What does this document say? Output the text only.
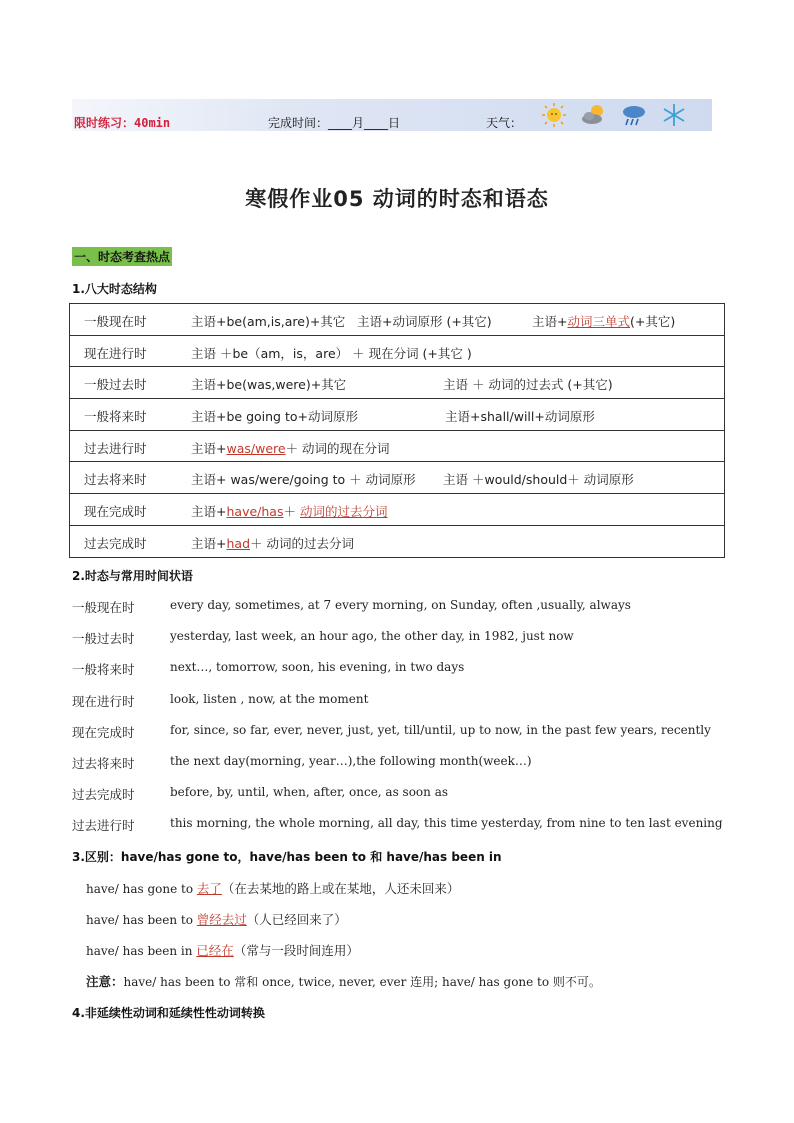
限时练习：40min	完成时间：____月____日	天气：
寒假作业05 动词的时态和语态
一、时态考查热点
1.八大时态结构
一般现在时	主语+be(am,is,are)+其它 主语+动词原形 (+其它)	主语+动词三单式(+其它)

现在进行时	主语 ＋be（am，is，are） ＋ 现在分词 (+其它 )

一般过去时	主语+be(was,were)+其它	主语 ＋ 动词的过去式 (+其它)

一般将来时	主语+be going to+动词原形	主语+shall/will+动词原形

过去进行时	主语+was/were＋ 动词的现在分词

过去将来时	主语+ was/were/going to ＋ 动词原形 主语 ＋would/should＋ 动词原形

现在完成时	主语+have/has＋ 动词的过去分词

过去完成时	主语+had＋ 动词的过去分词
2.时态与常用时间状语
一般现在时	every day, sometimes, at 7 every morning, on Sunday, often ,usually, always
一般过去时	yesterday, last week, an hour ago, the other day, in 1982, just now
一般将来时	next…, tomorrow, soon, his evening, in two days
现在进行时	look, listen , now, at the moment
现在完成时	for, since, so far, ever, never, just, yet, till/until, up to now, in the past few years, recently
过去将来时	the next day(morning, year…),the following month(week…)
过去完成时	before, by, until, when, after, once, as soon as
过去进行时	this morning, the whole morning, all day, this time yesterday, from nine to ten last evening
3.区别：have/has gone to，have/has been to 和 have/has been in
have/ has gone to 去了（在去某地的路上或在某地，人还未回来）
have/ has been to 曾经去过（人已经回来了）
have/ has been in 已经在（常与一段时间连用）
注意：have/ has been to 常和 once, twice, never, ever 连用; have/ has gone to 则不可。
4.非延续性动词和延续性性动词转换
